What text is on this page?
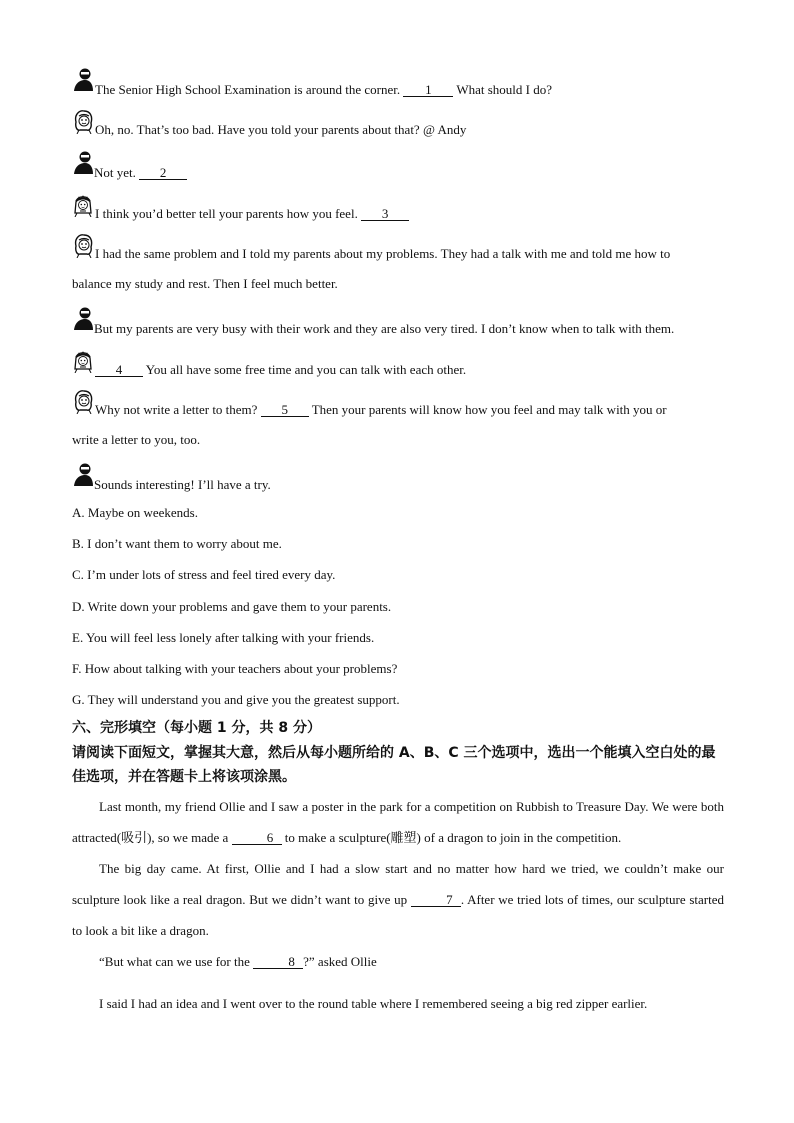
The Senior High School Examination is around the corner. 1 What should I do?
Oh, no. That’s too bad. Have you told your parents about that? @ Andy
Not yet. 2
I think you’d better tell your parents how you feel. 3
I had the same problem and I told my parents about my problems. They had a talk with me and told me how to
balance my study and rest. Then I feel much better.
But my parents are very busy with their work and they are also very tired. I don’t know when to talk with them.
4 You all have some free time and you can talk with each other.
Why not write a letter to them? 5 Then your parents will know how you feel and may talk with you or
write a letter to you, too.
Sounds interesting! I’ll have a try.
A. Maybe on weekends.
B. I don’t want them to worry about me.
C. I’m under lots of stress and feel tired every day.
D. Write down your problems and gave them to your parents.
E. You will feel less lonely after talking with your friends.
F. How about talking with your teachers about your problems?
G. They will understand you and give you the greatest support.
六、完形填空（每小题 1 分，共 8 分）
请阅读下面短文，掌握其大意，然后从每小题所给的 A、B、C 三个选项中，选出一个能填入空白处的最佳选项，并在答题卡上将该项涂黑。
Last month, my friend Ollie and I saw a poster in the park for a competition on Rubbish to Treasure Day. We were both attracted(吸引), so we made a	6 to make a sculpture(雕塑) of a dragon to join in the competition.
The big day came. At first, Ollie and I had a slow start and no matter how hard we tried, we couldn’t make our sculpture look like a real dragon. But we didn’t want to give up	7 . After we tried lots of times, our sculpture started to look a bit like a dragon.
“But what can we use for the	8 ?” asked Ollie
I said I had an idea and I went over to the round table where I remembered seeing a big red zipper earlier.
